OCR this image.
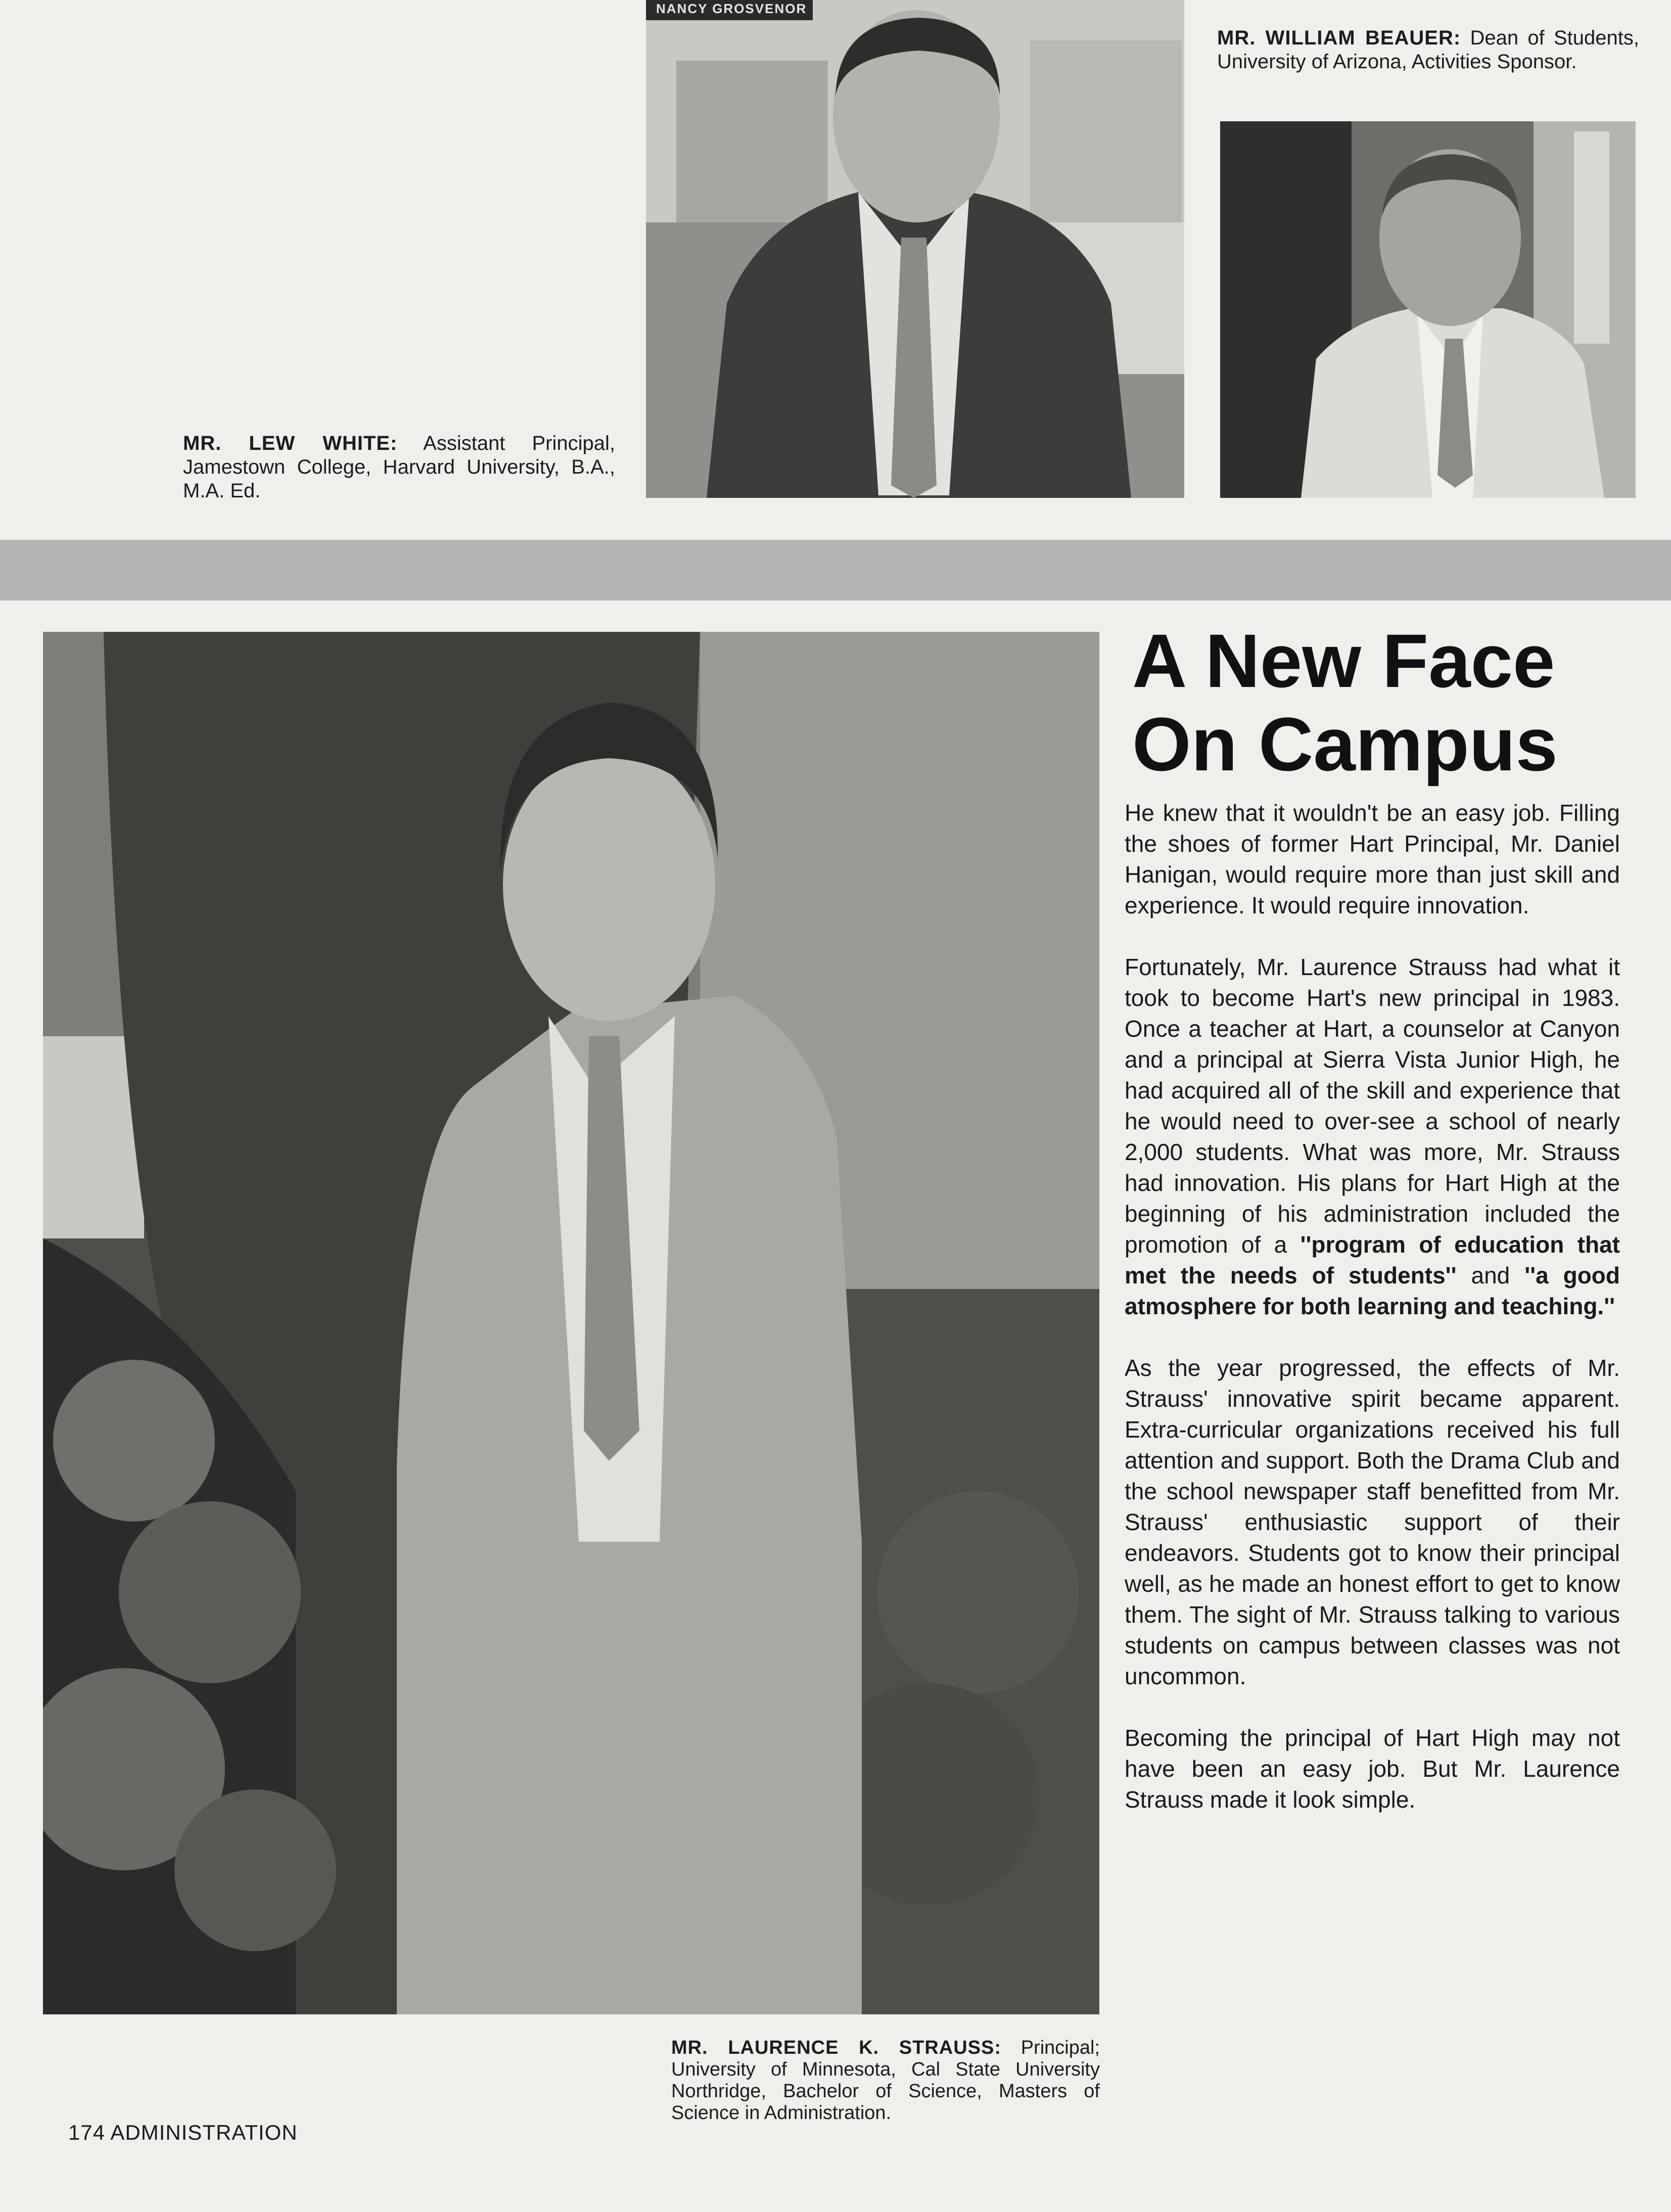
NANCY GROSVENOR
MR. WILLIAM BEAUER: Dean of Students, University of Arizona, Activities Sponsor.
MR. LEW WHITE: Assistant Principal, Jamestown College, Harvard University, B.A., M.A. Ed.
MR. LAURENCE K. STRAUSS: Principal; University of Minnesota, Cal State University Northridge, Bachelor of Science, Masters of Science in Administration.
A New Face
On Campus

He knew that it wouldn't be an easy job. Filling the shoes of former Hart Principal, Mr. Daniel Hanigan, would require more than just skill and experience. It would require innovation.

Fortunately, Mr. Laurence Strauss had what it took to become Hart's new principal in 1983. Once a teacher at Hart, a counselor at Canyon and a principal at Sierra Vista Junior High, he had acquired all of the skill and experience that he would need to over-see a school of nearly 2,000 students. What was more, Mr. Strauss had innovation. His plans for Hart High at the beginning of his administration included the promotion of a ''program of education that met the needs of students'' and ''a good atmosphere for both learning and teaching.''

As the year progressed, the effects of Mr. Strauss' innovative spirit became apparent. Extra-curricular organizations received his full attention and support. Both the Drama Club and the school newspaper staff benefitted from Mr. Strauss' enthusiastic support of their endeavors. Students got to know their principal well, as he made an honest effort to get to know them. The sight of Mr. Strauss talking to various students on campus between classes was not uncommon.

Becoming the principal of Hart High may not have been an easy job. But Mr. Laurence Strauss made it look simple.

174 ADMINISTRATION
